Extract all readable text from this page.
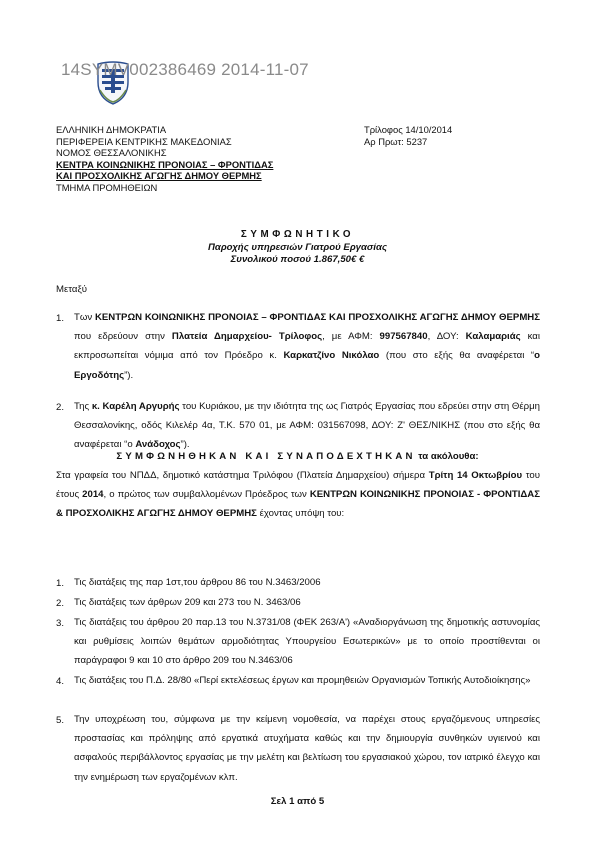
14SYMV002386469 2014-11-07
ΕΛΛΗΝΙΚΗ ΔΗΜΟΚΡΑΤΙΑ
ΠΕΡΙΦΕΡΕΙΑ ΚΕΝΤΡΙΚΗΣ ΜΑΚΕΔΟΝΙΑΣ
ΝΟΜΟΣ ΘΕΣΣΑΛΟΝΙΚΗΣ
ΚΕΝΤΡΑ ΚΟΙΝΩΝΙΚΗΣ ΠΡΟΝΟΙΑΣ – ΦΡΟΝΤΙΔΑΣ
ΚΑΙ ΠΡΟΣΧΟΛΙΚΗΣ ΑΓΩΓΗΣ ΔΗΜΟΥ ΘΕΡΜΗΣ
ΤΜΗΜΑ ΠΡΟΜΗΘΕΙΩΝ
Τρίλοφος 14/10/2014
Αρ Πρωτ: 5237
ΣΥΜΦΩΝΗΤΙΚΟ
Παροχής υπηρεσιών Γιατρού Εργασίας
Συνολικού ποσού 1.867,50€ €
Μεταξύ
1.	Των ΚΕΝΤΡΩΝ ΚΟΙΝΩΝΙΚΗΣ ΠΡΟΝΟΙΑΣ – ΦΡΟΝΤΙΔΑΣ ΚΑΙ ΠΡΟΣΧΟΛΙΚΗΣ ΑΓΩΓΗΣ ΔΗΜΟΥ ΘΕΡΜΗΣ που εδρεύουν στην Πλατεία Δημαρχείου- Τρίλοφος, με ΑΦΜ: 997567840, ΔΟΥ: Καλαμαριάς και εκπροσωπείται νόμιμα από τον Πρόεδρο κ. Καρκατζίνο Νικόλαο (που στο εξής θα αναφέρεται “ο Εργοδότης”).
2.	Της κ. Καρέλη Αργυρής του Κυριάκου, με την ιδιότητα της ως Γιατρός Εργασίας που εδρεύει στην στη Θέρμη Θεσσαλονίκης, οδός Κιλελέρ 4α, Τ.Κ. 570 01, με ΑΦΜ: 031567098, ΔΟΥ: Ζ' ΘΕΣ/ΝΙΚΗΣ (που στο εξής θα αναφέρεται “ο Ανάδοχος”).
ΣΥΜΦΩΝΗΘΗΚΑΝ ΚΑΙ ΣΥΝΑΠΟΔΕΧΤΗΚΑΝ τα ακόλουθα:
Στα γραφεία του ΝΠΔΔ, δημοτικό κατάστημα Τριλόφου (Πλατεία Δημαρχείου) σήμερα Τρίτη 14 Οκτωβρίου του έτους 2014, ο πρώτος των συμβαλλομένων Πρόεδρος των ΚΕΝΤΡΩΝ ΚΟΙΝΩΝΙΚΗΣ ΠΡΟΝΟΙΑΣ - ΦΡΟΝΤΙΔΑΣ & ΠΡΟΣΧΟΛΙΚΗΣ ΑΓΩΓΗΣ ΔΗΜΟΥ ΘΕΡΜΗΣ έχοντας υπόψη του:
1.	Τις διατάξεις της παρ 1στ,του άρθρου 86 του Ν.3463/2006
2.	Τις διατάξεις των άρθρων 209 και 273 του Ν. 3463/06
3.	Τις διατάξεις του άρθρου 20 παρ.13 του Ν.3731/08 (ΦΕΚ 263/Α') «Αναδιοργάνωση της δημοτικής αστυνομίας και ρυθμίσεις λοιπών θεμάτων αρμοδιότητας Υπουργείου Εσωτερικών» με το οποίο προστίθενται οι παράγραφοι 9 και 10 στο άρθρο 209 του Ν.3463/06
4.	Τις διατάξεις του Π.Δ. 28/80 «Περί εκτελέσεως έργων και προμηθειών Οργανισμών Τοπικής Αυτοδιοίκησης»
5.	Την υποχρέωση του, σύμφωνα με την κείμενη νομοθεσία, να παρέχει στους εργαζόμενους υπηρεσίες προστασίας και πρόληψης από εργατικά ατυχήματα καθώς και την δημιουργία συνθηκών υγιεινού και ασφαλούς περιβάλλοντος εργασίας με την μελέτη και βελτίωση του εργασιακού χώρου, τον ιατρικό έλεγχο και την ενημέρωση των εργαζομένων κλπ.
Σελ 1 από 5
